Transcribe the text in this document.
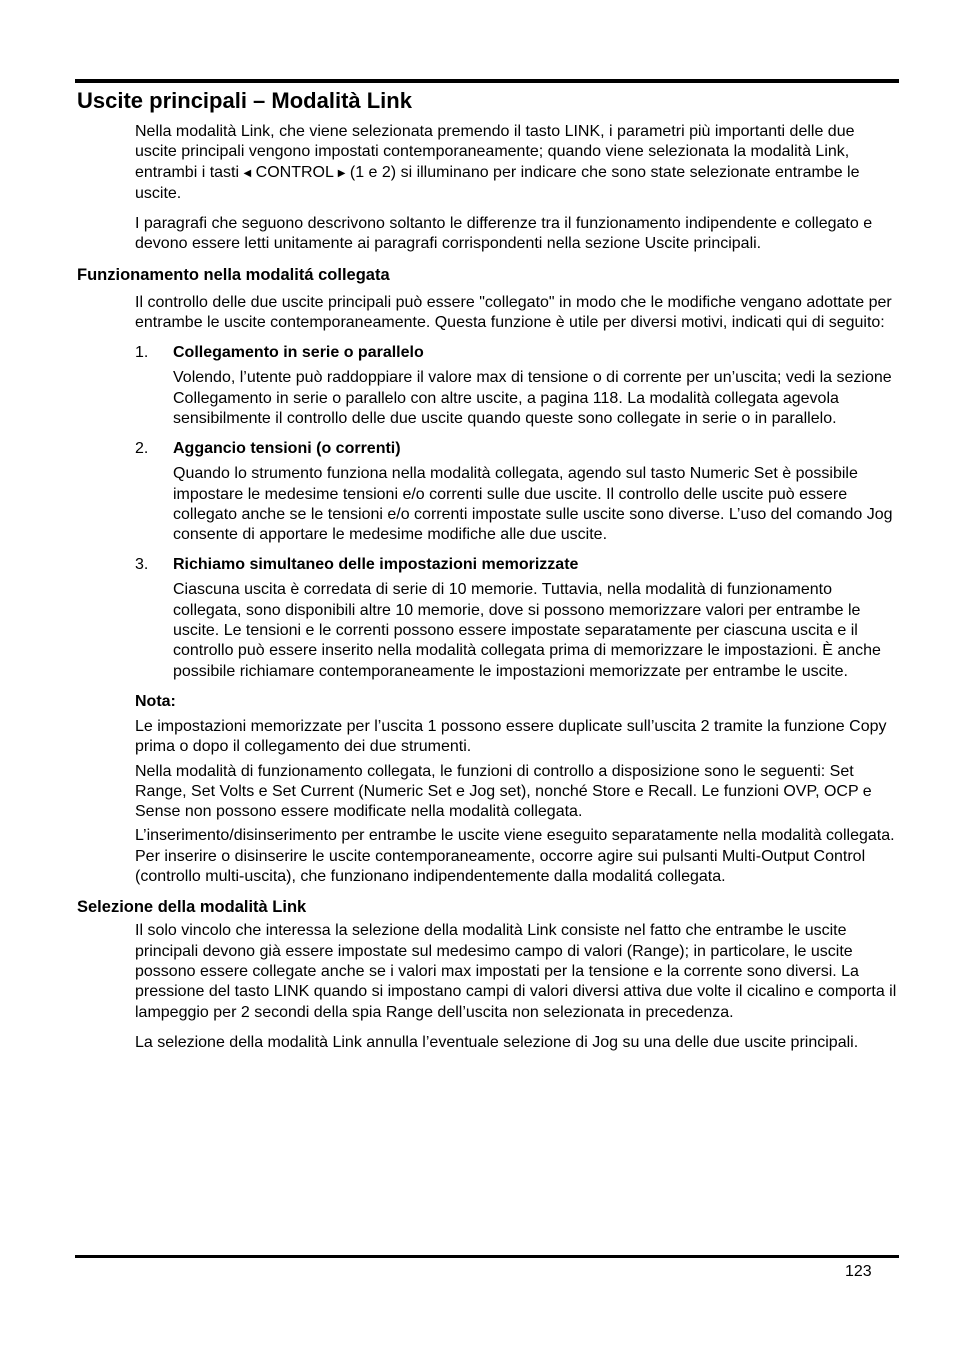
Uscite principali – Modalità Link

Nella modalità Link, che viene selezionata premendo il tasto LINK, i parametri più importanti delle due uscite principali vengono impostati contemporaneamente; quando viene selezionata la modalità Link, entrambi i tasti ◀ CONTROL ▶ (1 e 2) si illuminano per indicare che sono state selezionate entrambe le uscite.

I paragrafi che seguono descrivono soltanto le differenze tra il funzionamento indipendente e collegato e devono essere letti unitamente ai paragrafi corrispondenti nella sezione Uscite principali.

Funzionamento nella modalitá collegata

Il controllo delle due uscite principali può essere "collegato" in modo che le modifiche vengano adottate per entrambe le uscite contemporaneamente. Questa funzione è utile per diversi motivi, indicati qui di seguito:

1. Collegamento in serie o parallelo

Volendo, l’utente può raddoppiare il valore max di tensione o di corrente per un’uscita; vedi la sezione Collegamento in serie o parallelo con altre uscite, a pagina 118. La modalità collegata agevola sensibilmente il controllo delle due uscite quando queste sono collegate in serie o in parallelo.

2. Aggancio tensioni (o correnti)

Quando lo strumento funziona nella modalità collegata, agendo sul tasto Numeric Set è possibile impostare le medesime tensioni e/o correnti sulle due uscite. Il controllo delle uscite può essere collegato anche se le tensioni e/o correnti impostate sulle uscite sono diverse. L’uso del comando Jog consente di apportare le medesime modifiche alle due uscite.

3. Richiamo simultaneo delle impostazioni memorizzate

Ciascuna uscita è corredata di serie di 10 memorie. Tuttavia, nella modalità di funzionamento collegata, sono disponibili altre 10 memorie, dove si possono memorizzare valori per entrambe le uscite. Le tensioni e le correnti possono essere impostate separatamente per ciascuna uscita e il controllo può essere inserito nella modalità collegata prima di memorizzare le impostazioni. È anche possibile richiamare contemporaneamente le impostazioni memorizzate per entrambe le uscite.

Nota:

Le impostazioni memorizzate per l’uscita 1 possono essere duplicate sull’uscita 2 tramite la funzione Copy prima o dopo il collegamento dei due strumenti.

Nella modalità di funzionamento collegata, le funzioni di controllo a disposizione sono le seguenti: Set Range, Set Volts e Set Current (Numeric Set e Jog set), nonché Store e Recall. Le funzioni OVP, OCP e Sense non possono essere modificate nella modalità collegata.

L’inserimento/disinserimento per entrambe le uscite viene eseguito separatamente nella modalità collegata. Per inserire o disinserire le uscite contemporaneamente, occorre agire sui pulsanti Multi-Output Control (controllo multi-uscita), che funzionano indipendentemente dalla modalitá collegata.

Selezione della modalità Link

Il solo vincolo che interessa la selezione della modalità Link consiste nel fatto che entrambe le uscite principali devono già essere impostate sul medesimo campo di valori (Range); in particolare, le uscite possono essere collegate anche se i valori max impostati per la tensione e la corrente sono diversi. La pressione del tasto LINK quando si impostano campi di valori diversi attiva due volte il cicalino e comporta il lampeggio per 2 secondi della spia Range dell’uscita non selezionata in precedenza.

La selezione della modalità Link annulla l’eventuale selezione di Jog su una delle due uscite principali.

123
